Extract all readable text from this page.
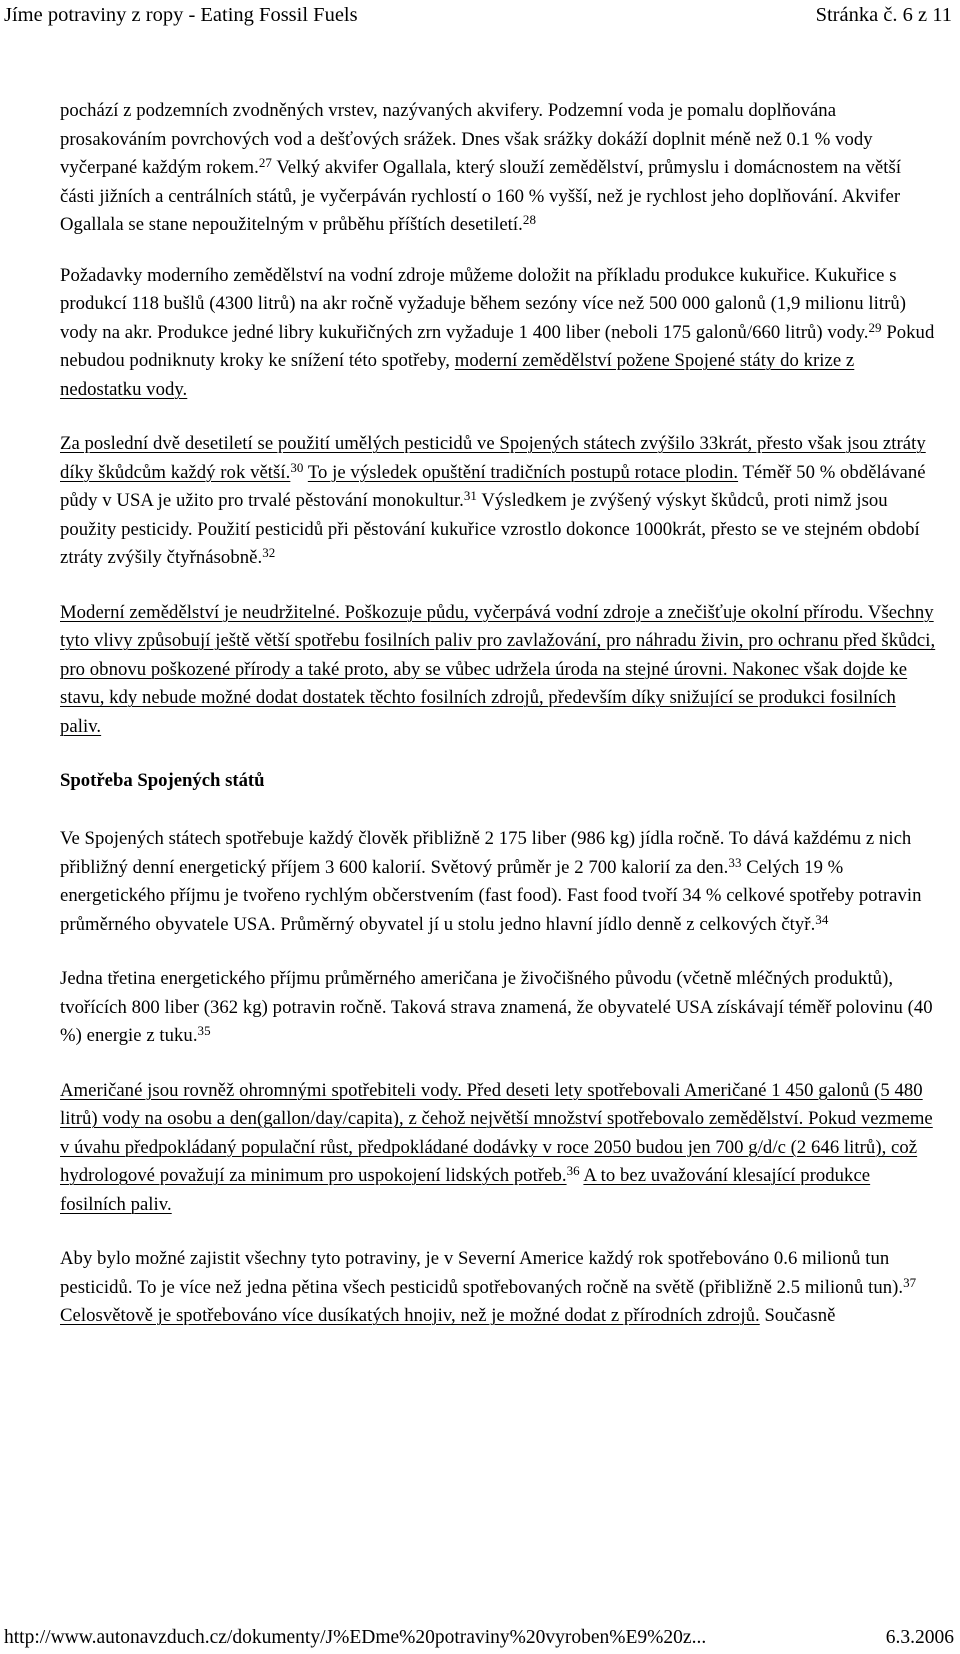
Jíme potraviny z ropy - Eating Fossil Fuels	Stránka č. 6 z 11

pochází z podzemních zvodněných vrstev, nazývaných akvifery. Podzemní voda je pomalu doplňována prosakováním povrchových vod a dešťových srážek. Dnes však srážky dokáží doplnit méně než 0.1 % vody vyčerpané každým rokem.$^{27}$ Velký akvifer Ogallala, který slouží zemědělství, průmyslu i domácnostem na větší části jižních a centrálních států, je vyčerpáván rychlostí o 160 % vyšší, než je rychlost jeho doplňování. Akvifer Ogallala se stane nepoužitelným v průběhu příštích desetiletí.$^{28}$

Požadavky moderního zemědělství na vodní zdroje můžeme doložit na příkladu produkce kukuřice. Kukuřice s produkcí 118 bušlů (4300 litrů) na akr ročně vyžaduje během sezóny více než 500 000 galonů (1,9 milionu litrů) vody na akr. Produkce jedné libry kukuřičných zrn vyžaduje 1 400 liber (neboli 175 galonů/660 litrů) vody.$^{29}$ Pokud nebudou podniknuty kroky ke snížení této spotřeby, moderní zemědělství požene Spojené státy do krize z nedostatku vody.

Za poslední dvě desetiletí se použití umělých pesticidů ve Spojených státech zvýšilo 33krát, přesto však jsou ztráty díky škůdcům každý rok větší.$^{30}$ To je výsledek opuštění tradičních postupů rotace plodin. Téměř 50 % obdělávané půdy v USA je užito pro trvalé pěstování monokultur.$^{31}$ Výsledkem je zvýšený výskyt škůdců, proti nimž jsou použity pesticidy. Použití pesticidů při pěstování kukuřice vzrostlo dokonce 1000krát, přesto se ve stejném období ztráty zvýšily čtyřnásobně.$^{32}$

Moderní zemědělství je neudržitelné. Poškozuje půdu, vyčerpává vodní zdroje a znečišťuje okolní přírodu. Všechny tyto vlivy způsobují ještě větší spotřebu fosilních paliv pro zavlažování, pro náhradu živin, pro ochranu před škůdci, pro obnovu poškozené přírody a také proto, aby se vůbec udržela úroda na stejné úrovni. Nakonec však dojde ke stavu, kdy nebude možné dodat dostatek těchto fosilních zdrojů, především díky snižující se produkci fosilních paliv.

Spotřeba Spojených států

Ve Spojených státech spotřebuje každý člověk přibližně 2 175 liber (986 kg) jídla ročně. To dává každému z nich přibližný denní energetický příjem 3 600 kalorií. Světový průměr je 2 700 kalorií za den.$^{33}$ Celých 19 % energetického příjmu je tvořeno rychlým občerstvením (fast food). Fast food tvoří 34 % celkové spotřeby potravin průměrného obyvatele USA. Průměrný obyvatel jí u stolu jedno hlavní jídlo denně z celkových čtyř.$^{34}$

Jedna třetina energetického příjmu průměrného američana je živočišného původu (včetně mléčných produktů), tvořících 800 liber (362 kg) potravin ročně. Taková strava znamená, že obyvatelé USA získávají téměř polovinu (40 %) energie z tuku.$^{35}$

Američané jsou rovněž ohromnými spotřebiteli vody. Před deseti lety spotřebovali Američané 1 450 galonů (5 480 litrů) vody na osobu a den(gallon/day/capita), z čehož největší množství spotřebovalo zemědělství. Pokud vezmeme v úvahu předpokládaný populační růst, předpokládané dodávky v roce 2050 budou jen 700 g/d/c (2 646 litrů), což hydrologové považují za minimum pro uspokojení lidských potřeb.$^{36}$ A to bez uvažování klesající produkce fosilních paliv.

Aby bylo možné zajistit všechny tyto potraviny, je v Severní Americe každý rok spotřebováno 0.6 milionů tun pesticidů. To je více než jedna pětina všech pesticidů spotřebovaných ročně na světě (přibližně 2.5 milionů tun).$^{37}$ Celosvětově je spotřebováno více dusíkatých hnojiv, než je možné dodat z přírodních zdrojů. Současně

http://www.autonavzduch.cz/dokumenty/J%EDme%20potraviny%20vyroben%E9%20z...	6.3.2006
